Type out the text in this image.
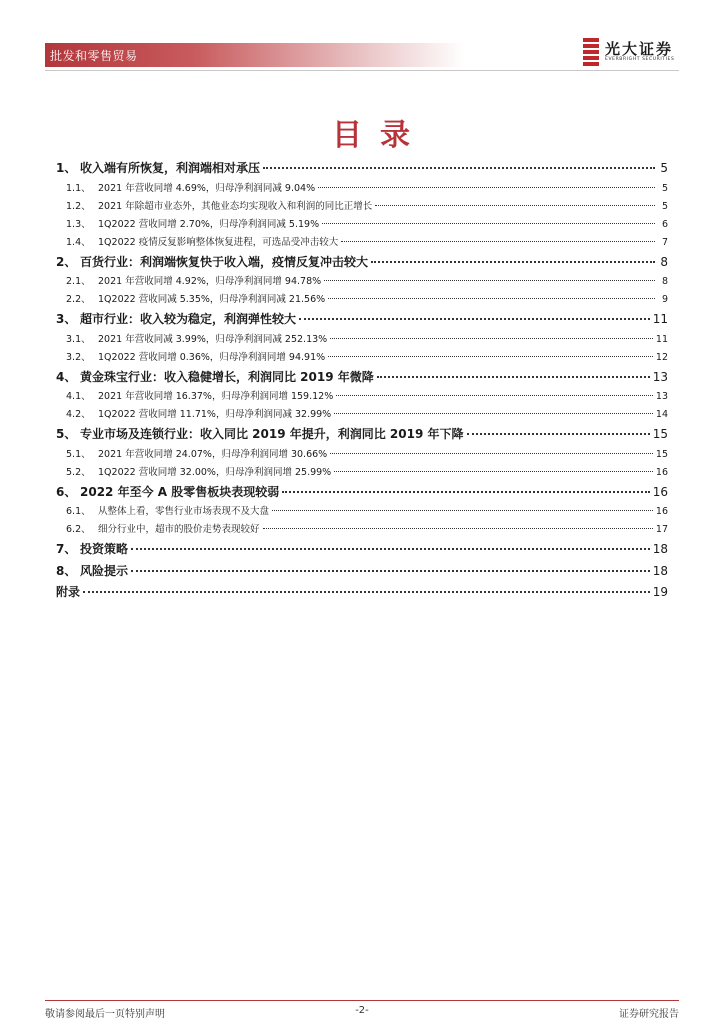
批发和零售贸易	光大证券
EVERBRIGHT SECURITIES
目录
1、 收入端有所恢复，利润端相对承压	5
1.1、 2021 年营收同增 4.69%，归母净利润同减 9.04%	5
1.2、 2021 年除超市业态外，其他业态均实现收入和利润的同比正增长	5
1.3、 1Q2022 营收同增 2.70%，归母净利润同减 5.19%	6
1.4、 1Q2022 疫情反复影响整体恢复进程，可选品受冲击较大	7
2、 百货行业：利润端恢复快于收入端，疫情反复冲击较大	8
2.1、 2021 年营收同增 4.92%，归母净利润同增 94.78%	8
2.2、 1Q2022 营收同减 5.35%，归母净利润同减 21.56%	9
3、 超市行业：收入较为稳定，利润弹性较大	11
3.1、 2021 年营收同减 3.99%，归母净利润同减 252.13%	11
3.2、 1Q2022 营收同增 0.36%，归母净利润同增 94.91%	12
4、 黄金珠宝行业：收入稳健增长，利润同比 2019 年微降	13
4.1、 2021 年营收同增 16.37%，归母净利润同增 159.12%	13
4.2、 1Q2022 营收同增 11.71%，归母净利润同减 32.99%	14
5、 专业市场及连锁行业：收入同比 2019 年提升，利润同比 2019 年下降	15
5.1、 2021 年营收同增 24.07%，归母净利润同增 30.66%	15
5.2、 1Q2022 营收同增 32.00%，归母净利润同增 25.99%	16
6、 2022 年至今 A 股零售板块表现较弱	16
6.1、 从整体上看，零售行业市场表现不及大盘	16
6.2、 细分行业中，超市的股价走势表现较好	17
7、 投资策略	18
8、 风险提示	18
附录	19
敬请参阅最后一页特别声明	-2-	证券研究报告
